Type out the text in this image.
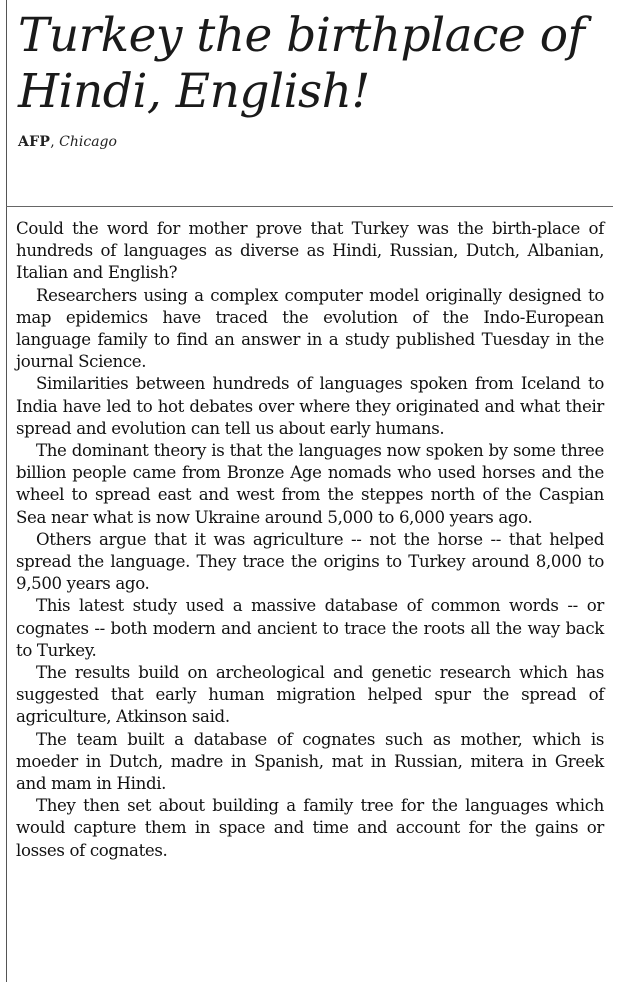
Turkey the birthplace of Hindi, English!
AFP, Chicago

Could the word for mother prove that Turkey was the birth-place of hundreds of languages as diverse as Hindi, Russian, Dutch, Albanian, Italian and English?

Researchers using a complex computer model originally designed to map epidemics have traced the evolution of the Indo-European language family to find an answer in a study published Tuesday in the journal Science.

Similarities between hundreds of languages spoken from Iceland to India have led to hot debates over where they originated and what their spread and evolution can tell us about early humans.

The dominant theory is that the languages now spoken by some three billion people came from Bronze Age nomads who used horses and the wheel to spread east and west from the steppes north of the Caspian Sea near what is now Ukraine around 5,000 to 6,000 years ago.

Others argue that it was agriculture -- not the horse -- that helped spread the language. They trace the origins to Turkey around 8,000 to 9,500 years ago.

This latest study used a massive database of common words -- or cognates -- both modern and ancient to trace the roots all the way back to Turkey.

The results build on archeological and genetic research which has suggested that early human migration helped spur the spread of agriculture, Atkinson said.

The team built a database of cognates such as mother, which is moeder in Dutch, madre in Spanish, mat in Russian, mitera in Greek and mam in Hindi.

They then set about building a family tree for the languages which would capture them in space and time and account for the gains or losses of cognates.
